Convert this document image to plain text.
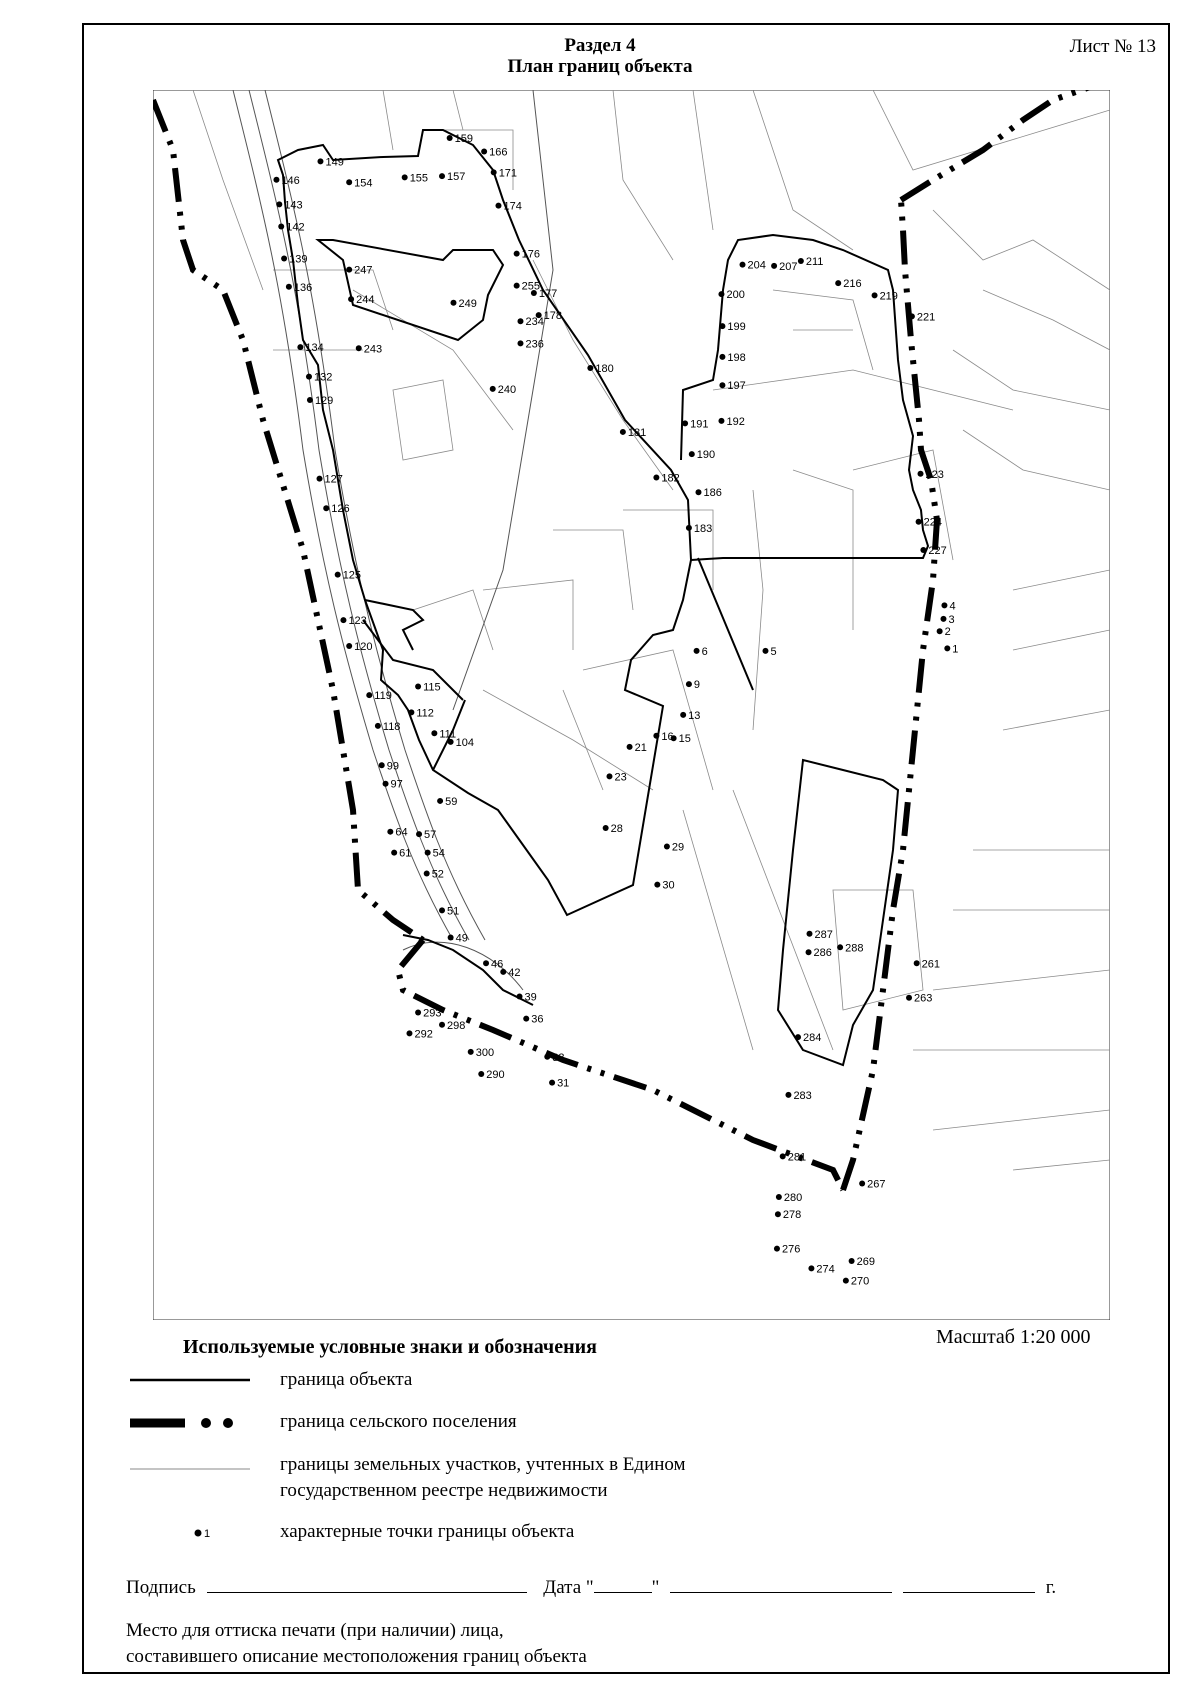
Раздел 4
План границ объекта
Лист № 13
1
2
3
4
5
6
9
13
15
16
21
23
28
29
30
31
33
36
39
42
46
49
51
52
54
57
59
61
64
97
99
104
111
112
115
118
119
120
123
125
126
127
129
132
134
136
139
142
143
146
149
154	155 157
159
166
171
174
176
177
178
180
181
182
183
186
190
191 192
197
198
199
200
204 207 211
216
219
221
223
224
227
234
236
240
243
244
247
249
255
261
263
267
269
270
274
276
278
280
281
283
284
286
287
288
290
292
293
298
300
Масштаб 1:20 000
Используемые условные знаки и обозначения
граница объекта
граница сельского поселения
границы земельных участков, учтенных в Едином
государственном реестре недвижимости
1	характерные точки границы объекта
Подпись	Дата "	"	г.
Место для оттиска печати (при наличии) лица,
составившего описание местоположения границ объекта
